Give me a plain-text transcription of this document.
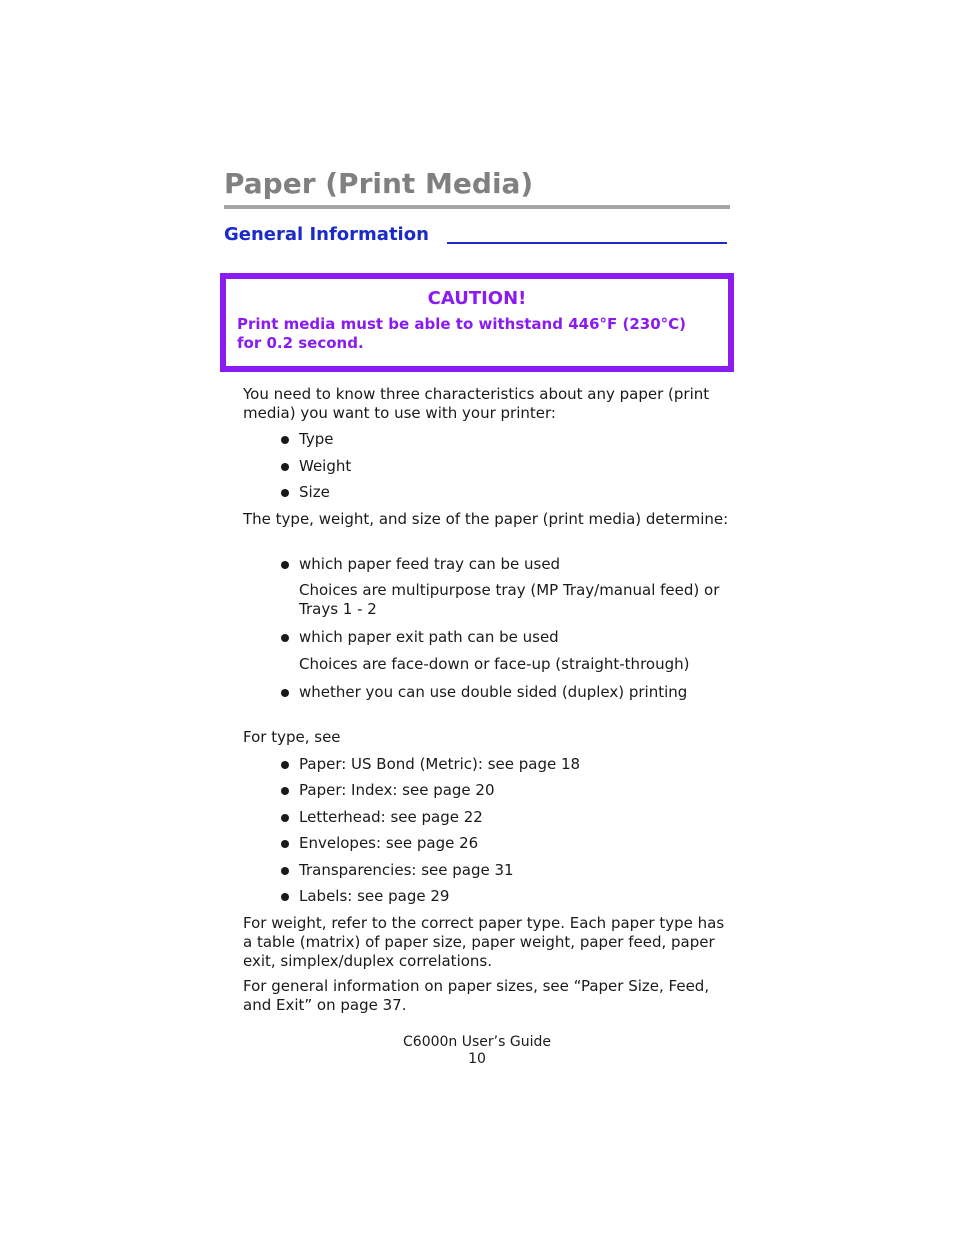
Paper (Print Media)
General Information
CAUTION!
Print media must be able to withstand 446°F (230°C) for 0.2 second.

You need to know three characteristics about any paper (print media) you want to use with your printer:

Type
Weight
Size

The type, weight, and size of the paper (print media) determine:

which paper feed tray can be used

Choices are multipurpose tray (MP Tray/manual feed) or Trays 1 - 2

which paper exit path can be used

Choices are face-down or face-up (straight-through)

whether you can use double sided (duplex) printing

For type, see

Paper: US Bond (Metric): see page 18
Paper: Index: see page 20
Letterhead: see page 22
Envelopes: see page 26
Transparencies: see page 31
Labels: see page 29

For weight, refer to the correct paper type. Each paper type has a table (matrix) of paper size, paper weight, paper feed, paper exit, simplex/duplex correlations.

For general information on paper sizes, see “Paper Size, Feed, and Exit” on page 37.

C6000n User’s Guide
10
